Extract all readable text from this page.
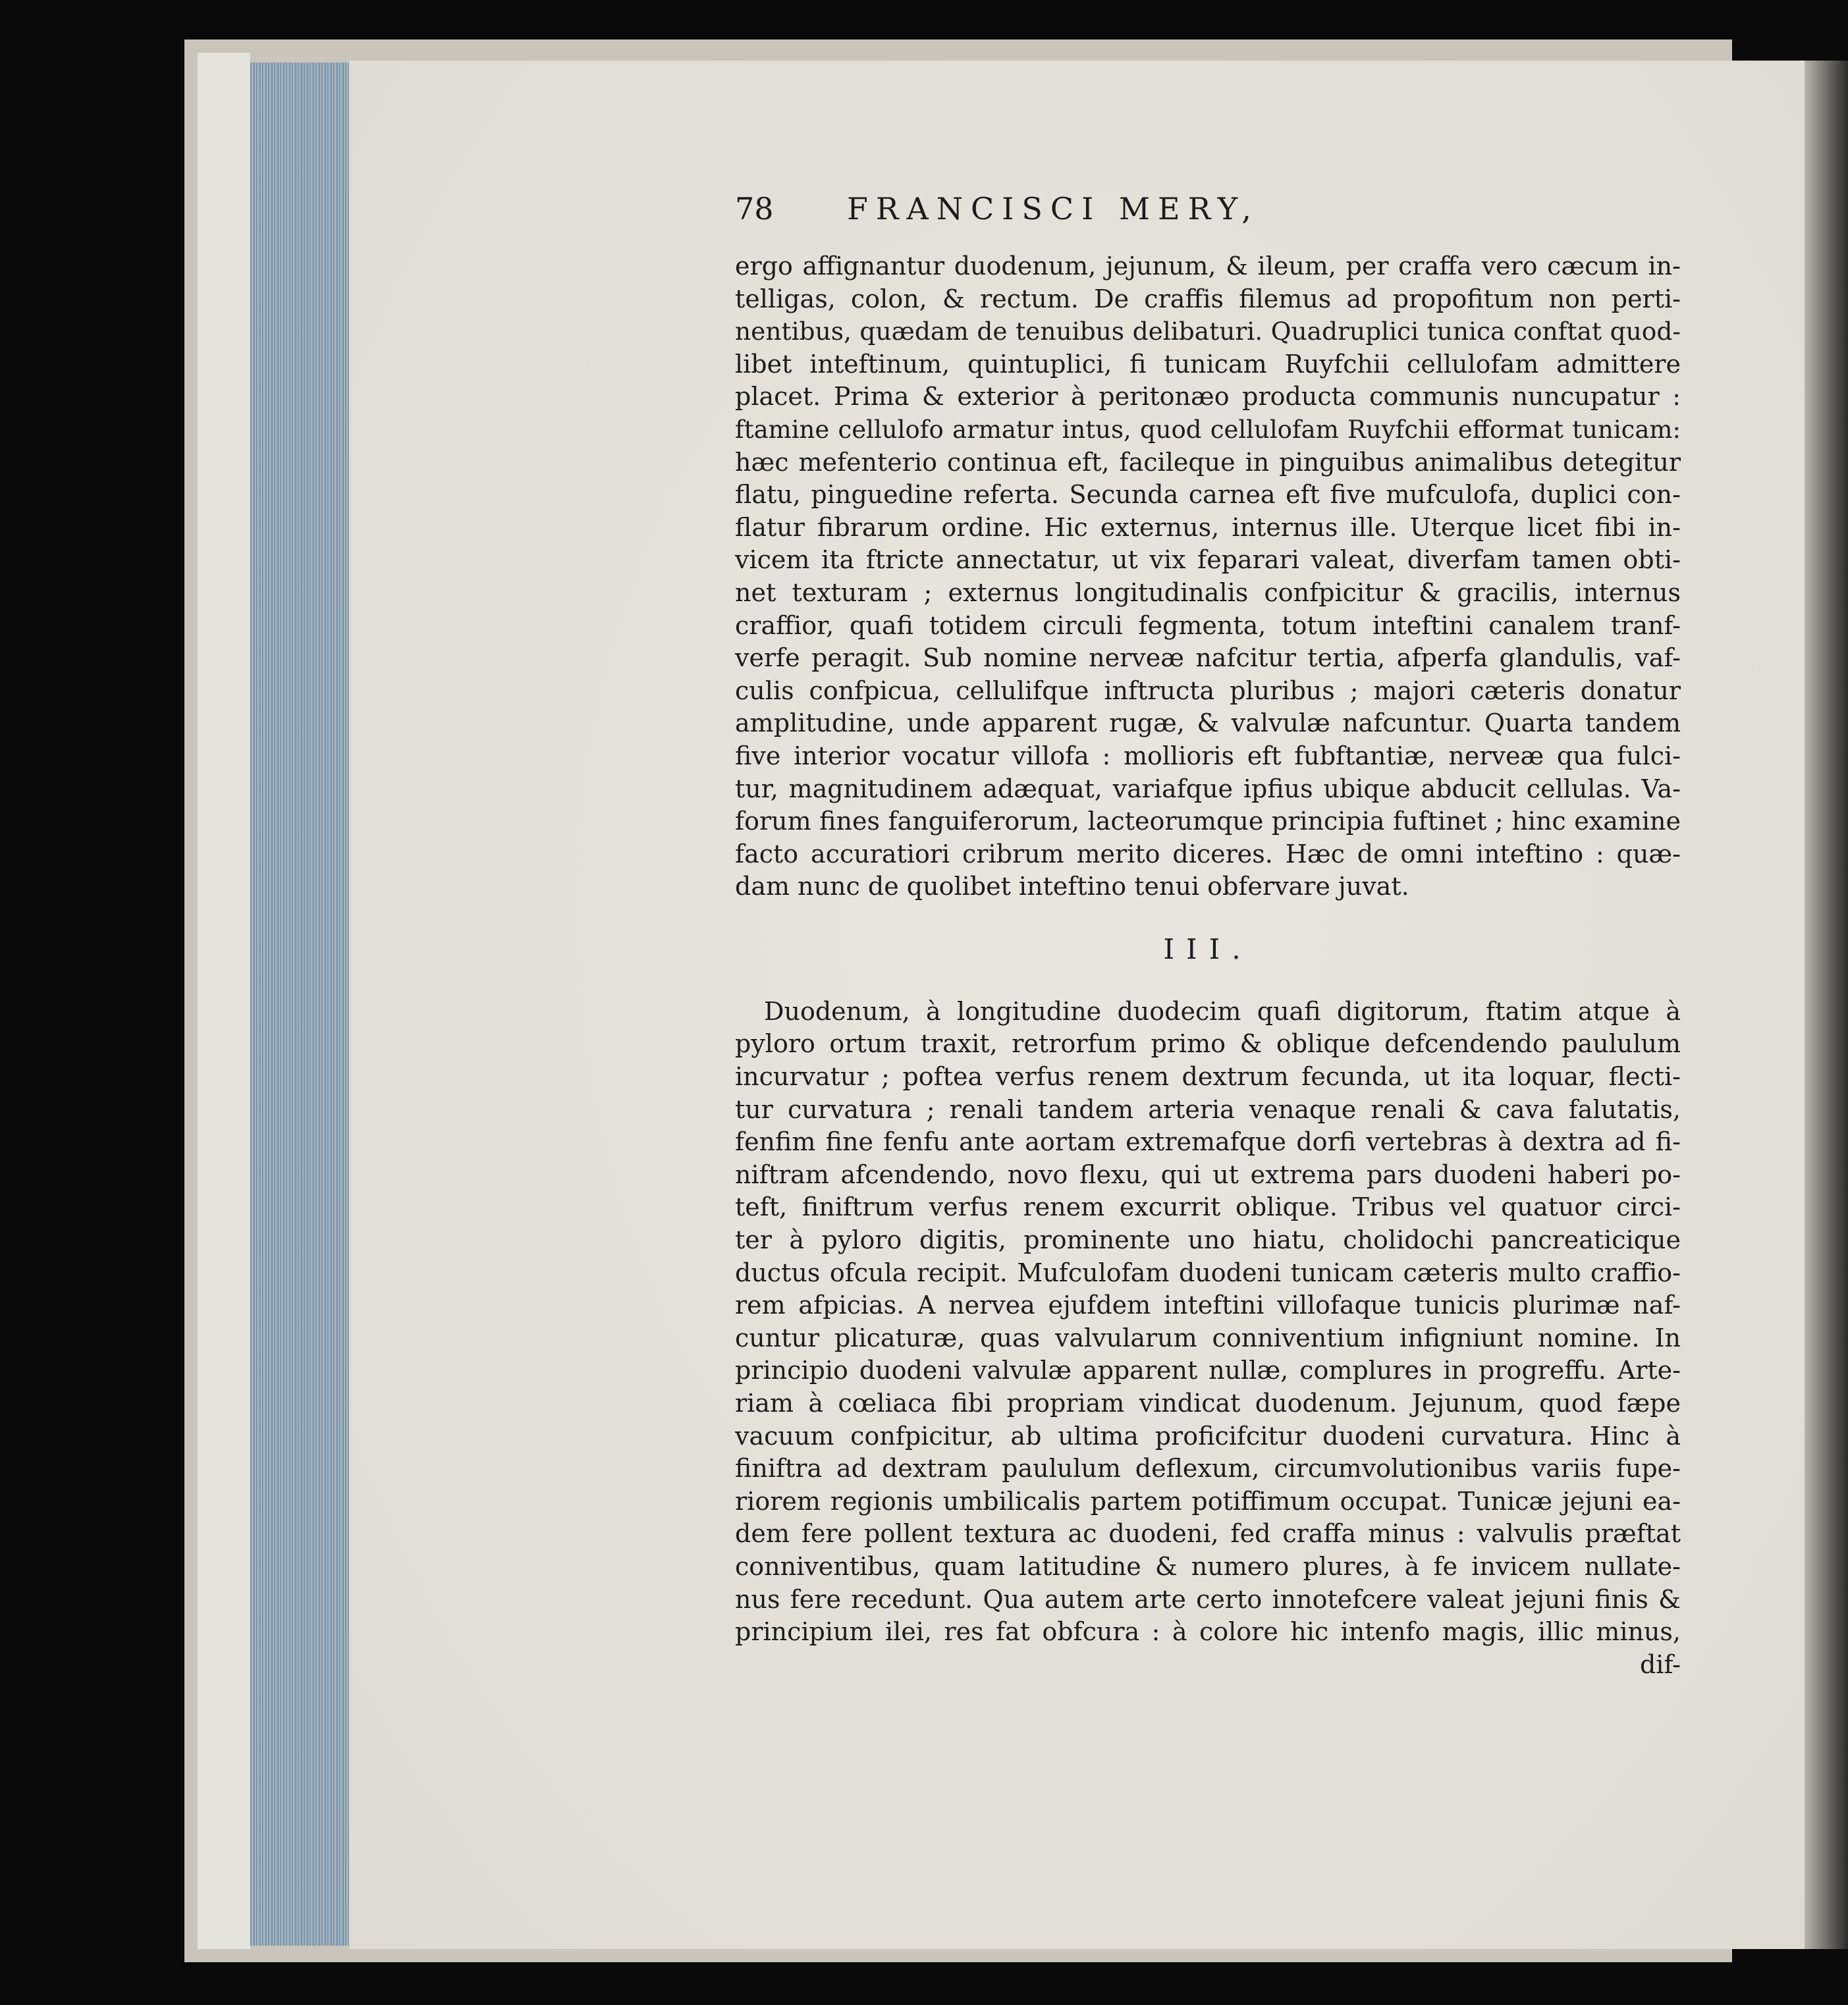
78	FRANCISCI MERY,
ergo affignantur duodenum, jejunum, & ileum, per craffa vero cæcum in-
telligas, colon, & rectum. De craffis filemus ad propofitum non perti-
nentibus, quædam de tenuibus delibaturi. Quadruplici tunica conftat quod-
libet inteftinum, quintuplici, fi tunicam Ruyfchii cellulofam admittere
placet. Prima & exterior à peritonæo producta communis nuncupatur :
ftamine cellulofo armatur intus, quod cellulofam Ruyfchii efformat tunicam:
hæc mefenterio continua eft, facileque in pinguibus animalibus detegitur
flatu, pinguedine referta. Secunda carnea eft five mufculofa, duplici con-
flatur fibrarum ordine. Hic externus, internus ille. Uterque licet fibi in-
vicem ita ftricte annectatur, ut vix feparari valeat, diverfam tamen obti-
net texturam ; externus longitudinalis confpicitur & gracilis, internus
craffior, quafi totidem circuli fegmenta, totum inteftini canalem tranf-
verfe peragit. Sub nomine nerveæ nafcitur tertia, afperfa glandulis, vaf-
culis confpicua, cellulifque inftructa pluribus ; majori cæteris donatur
amplitudine, unde apparent rugæ, & valvulæ nafcuntur. Quarta tandem
five interior vocatur villofa : mollioris eft fubftantiæ, nerveæ qua fulci-
tur, magnitudinem adæquat, variafque ipfius ubique abducit cellulas. Va-
forum fines fanguiferorum, lacteorumque principia fuftinet ; hinc examine
facto accuratiori cribrum merito diceres. Hæc de omni inteftino : quæ-
dam nunc de quolibet inteftino tenui obfervare juvat.
III.
Duodenum, à longitudine duodecim quafi digitorum, ftatim atque à
pyloro ortum traxit, retrorfum primo & oblique defcendendo paululum
incurvatur ; poftea verfus renem dextrum fecunda, ut ita loquar, flecti-
tur curvatura ; renali tandem arteria venaque renali & cava falutatis,
fenfim fine fenfu ante aortam extremafque dorfi vertebras à dextra ad fi-
niftram afcendendo, novo flexu, qui ut extrema pars duodeni haberi po-
teft, finiftrum verfus renem excurrit oblique. Tribus vel quatuor circi-
ter à pyloro digitis, prominente uno hiatu, cholidochi pancreaticique
ductus ofcula recipit. Mufculofam duodeni tunicam cæteris multo craffio-
rem afpicias. A nervea ejufdem inteftini villofaque tunicis plurimæ naf-
cuntur plicaturæ, quas valvularum conniventium infigniunt nomine. In
principio duodeni valvulæ apparent nullæ, complures in progreffu. Arte-
riam à cœliaca fibi propriam vindicat duodenum. Jejunum, quod fæpe
vacuum confpicitur, ab ultima proficifcitur duodeni curvatura. Hinc à
finiftra ad dextram paululum deflexum, circumvolutionibus variis fupe-
riorem regionis umbilicalis partem potiffimum occupat. Tunicæ jejuni ea-
dem fere pollent textura ac duodeni, fed craffa minus : valvulis præftat
conniventibus, quam latitudine & numero plures, à fe invicem nullate-
nus fere recedunt. Qua autem arte certo innotefcere valeat jejuni finis &
principium ilei, res fat obfcura : à colore hic intenfo magis, illic minus,
dif-
